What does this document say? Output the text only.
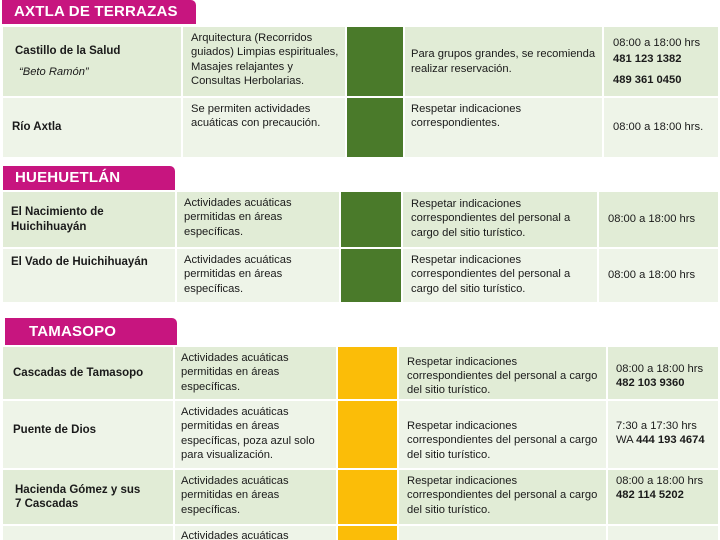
AXTLA DE TERRAZAS
Castillo de la Salud
“Beto Ramón”
Arquitectura (Recorridos guiados) Limpias espirituales, Masajes relajantes y Consultas Herbolarias.
Para grupos grandes, se recomienda realizar reservación.
08:00 a 18:00 hrs
481 123 1382
489 361 0450
Río Axtla
Se permiten actividades acuáticas con precaución.
Respetar indicaciones correspondientes.	08:00 a 18:00 hrs.
HUEHUETLÁN
El Nacimiento de Huichihuayán
Actividades acuáticas permitidas en áreas específicas.
Respetar indicaciones correspondientes del personal a cargo del sitio turístico.
08:00 a 18:00 hrs
El Vado de Huichihuayán	Actividades acuáticas permitidas en áreas específicas.
Respetar indicaciones correspondientes del personal a cargo del sitio turístico.
08:00 a 18:00 hrs
TAMASOPO
Cascadas de Tamasopo
Actividades acuáticas permitidas en áreas específicas.
Respetar indicaciones correspondientes del personal a cargo del sitio turístico.
08:00 a 18:00 hrs
482 103 9360
Puente de Dios
Actividades acuáticas permitidas en áreas específicas, poza azul solo para visualización.
Respetar indicaciones correspondientes del personal a cargo del sitio turístico.
7:30 a 17:30 hrs
WA 444 193 4674
Hacienda Gómez y sus 7 Cascadas
Actividades acuáticas permitidas en áreas específicas.
Respetar indicaciones correspondientes del personal a cargo del sitio turístico.
08:00 a 18:00 hrs
482 114 5202
Actividades acuáticas
